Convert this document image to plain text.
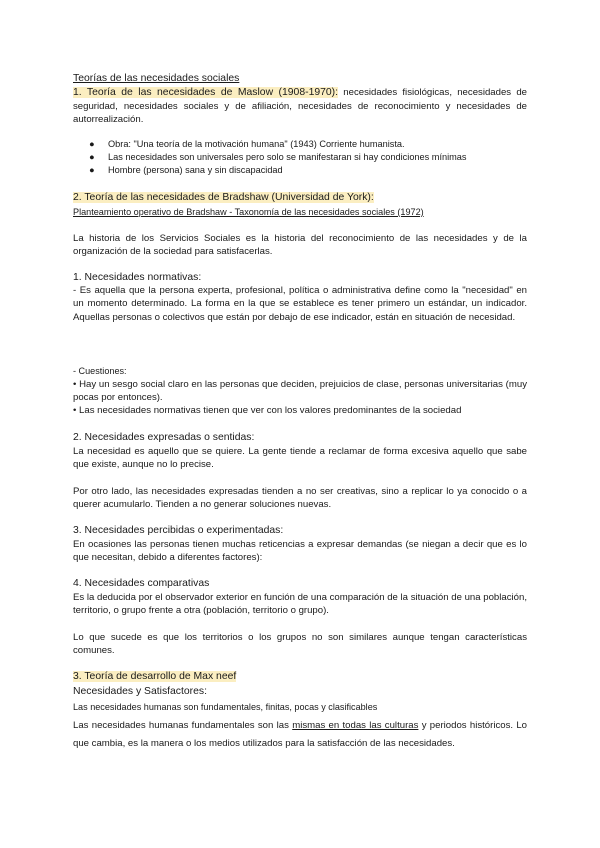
Teorías de las necesidades sociales

1. Teoría de las necesidades de Maslow (1908-1970): necesidades fisiológicas, necesidades de seguridad, necesidades sociales y de afiliación, necesidades de reconocimiento y necesidades de autorrealización.

● Obra: "Una teoría de la motivación humana" (1943) Corriente humanista.
● Las necesidades son universales pero solo se manifestaran si hay condiciones mínimas
● Hombre (persona) sana y sin discapacidad
2. Teoría de las necesidades de Bradshaw (Universidad de York):
Planteamiento operativo de Bradshaw - Taxonomía de las necesidades sociales (1972)

La historia de los Servicios Sociales es la historia del reconocimiento de las necesidades y de la organización de la sociedad para satisfacerlas.

1. Necesidades normativas:

- Es aquella que la persona experta, profesional, política o administrativa define como la "necesidad" en un momento determinado. La forma en la que se establece es tener primero un estándar, un indicador. Aquellas personas o colectivos que están por debajo de ese indicador, están en situación de necesidad.

- Cuestiones:

• Hay un sesgo social claro en las personas que deciden, prejuicios de clase, personas universitarias (muy pocas por entonces).

• Las necesidades normativas tienen que ver con los valores predominantes de la sociedad

2. Necesidades expresadas o sentidas:

La necesidad es aquello que se quiere. La gente tiende a reclamar de forma excesiva aquello que sabe que existe, aunque no lo precise.

Por otro lado, las necesidades expresadas tienden a no ser creativas, sino a replicar lo ya conocido o a querer acumularlo. Tienden a no generar soluciones nuevas.

3. Necesidades percibidas o experimentadas:

En ocasiones las personas tienen muchas reticencias a expresar demandas (se niegan a decir que es lo que necesitan, debido a diferentes factores):

4. Necesidades comparativas

Es la deducida por el observador exterior en función de una comparación de la situación de una población, territorio, o grupo frente a otra (población, territorio o grupo).

Lo que sucede es que los territorios o los grupos no son similares aunque tengan características comunes.

3. Teoría de desarrollo de Max neef
Necesidades y Satisfactores:
Las necesidades humanas son fundamentales, finitas, pocas y clasificables

Las necesidades humanas fundamentales son las mismas en todas las culturas y periodos históricos. Lo que cambia, es la manera o los medios utilizados para la satisfacción de las necesidades.
